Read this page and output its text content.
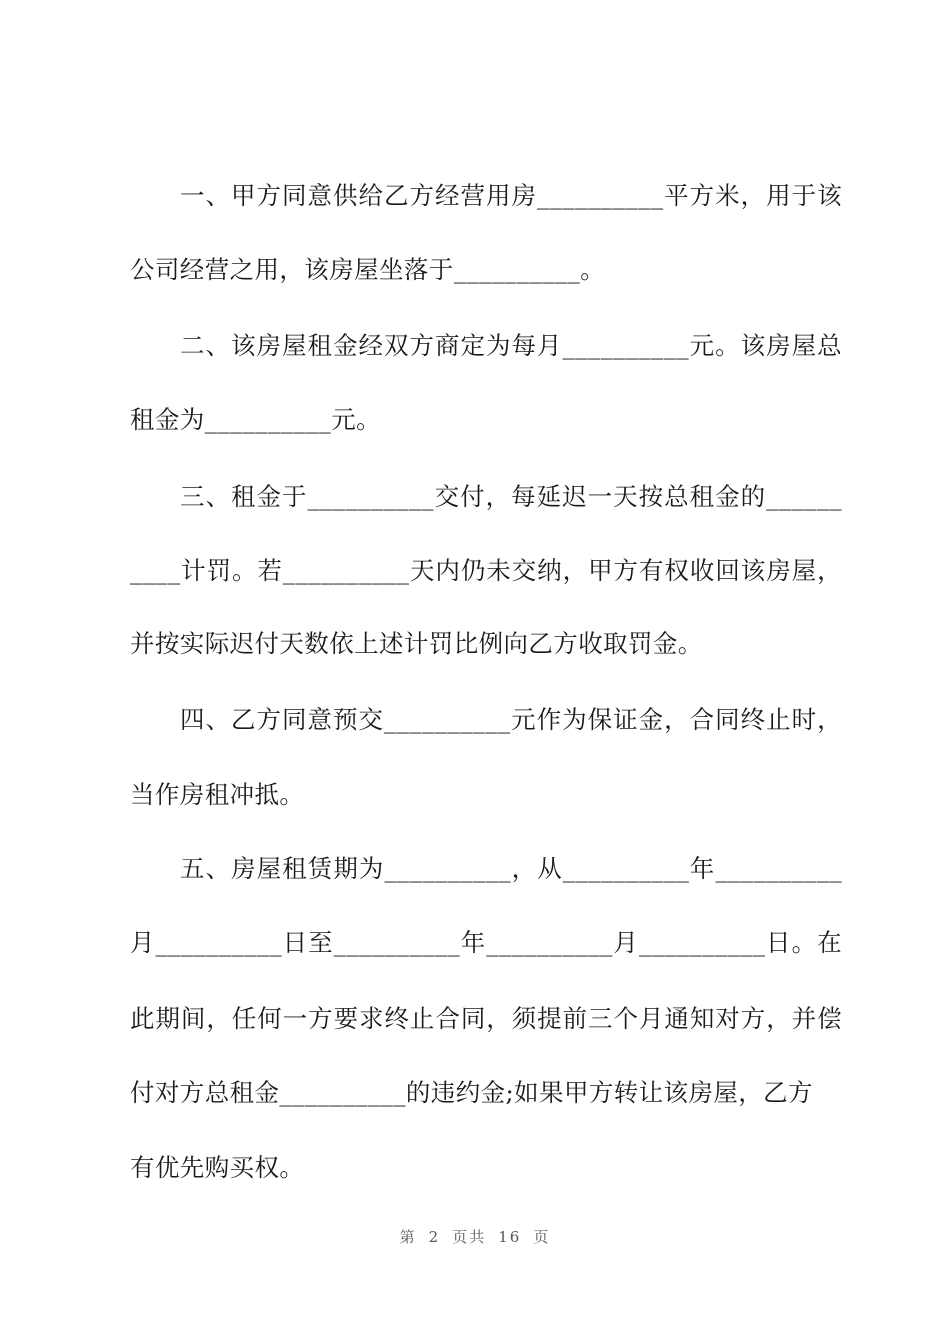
一、甲方同意供给乙方经营用房__________平方米，用于该
公司经营之用，该房屋坐落于__________。
二、该房屋租金经双方商定为每月__________元。该房屋总
租金为__________元。
三、租金于__________交付，每延迟一天按总租金的______
____计罚。若__________天内仍未交纳，甲方有权收回该房屋，
并按实际迟付天数依上述计罚比例向乙方收取罚金。
四、乙方同意预交__________元作为保证金，合同终止时，
当作房租冲抵。
五、房屋租赁期为__________，从__________年__________
月__________日至__________年__________月__________日。在
此期间，任何一方要求终止合同，须提前三个月通知对方，并偿
付对方总租金__________的违约金;如果甲方转让该房屋，乙方
有优先购买权。
第 2 页共 16 页
